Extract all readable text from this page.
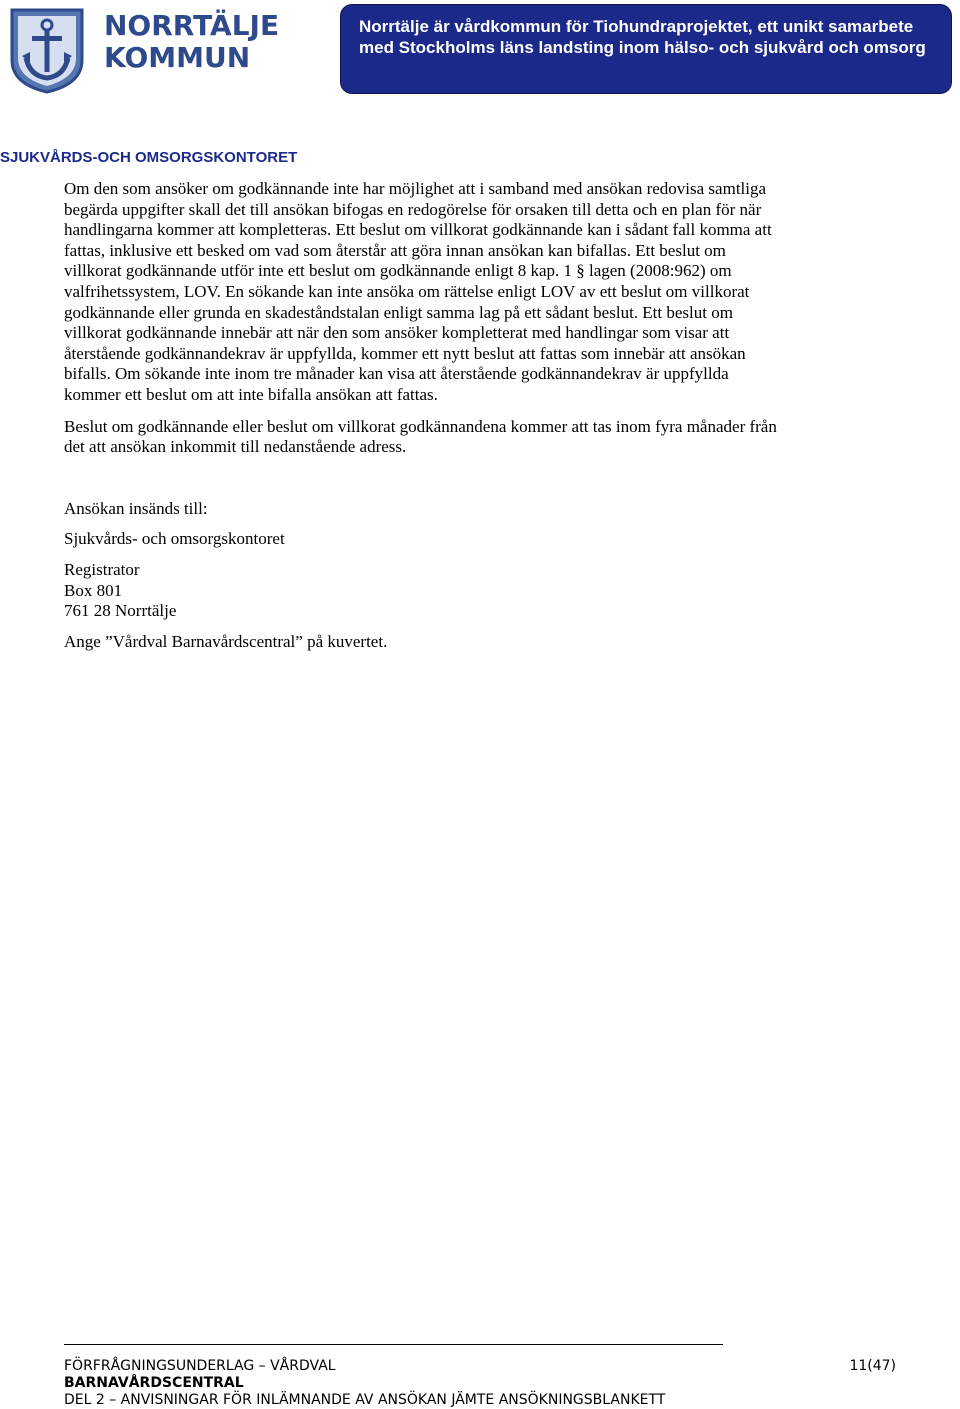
NORRTÄLJE
KOMMUN

Norrtälje är vårdkommun för Tiohundraprojektet, ett unikt samarbete med Stockholms läns landsting inom hälso- och sjukvård och omsorg

SJUKVÅRDS-OCH OMSORGSKONTORET

Om den som ansöker om godkännande inte har möjlighet att i samband med ansökan redovisa samtliga begärda uppgifter skall det till ansökan bifogas en redogörelse för orsaken till detta och en plan för när handlingarna kommer att kompletteras. Ett beslut om villkorat godkännande kan i sådant fall komma att fattas, inklusive ett besked om vad som återstår att göra innan ansökan kan bifallas. Ett beslut om villkorat godkännande utför inte ett beslut om godkännande enligt 8 kap. 1 § lagen (2008:962) om valfrihetssystem, LOV. En sökande kan inte ansöka om rättelse enligt LOV av ett beslut om villkorat godkännande eller grunda en skadeståndstalan enligt samma lag på ett sådant beslut. Ett beslut om villkorat godkännande innebär att när den som ansöker kompletterat med handlingar som visar att återstående godkännandekrav är uppfyllda, kommer ett nytt beslut att fattas som innebär att ansökan bifalls. Om sökande inte inom tre månader kan visa att återstående godkännandekrav är uppfyllda kommer ett beslut om att inte bifalla ansökan att fattas.

Beslut om godkännande eller beslut om villkorat godkännandena kommer att tas inom fyra månader från det att ansökan inkommit till nedanstående adress.

Ansökan insänds till:

Sjukvårds- och omsorgskontoret

Registrator
Box 801
761 28 Norrtälje

Ange ”Vårdval Barnavårdscentral” på kuvertet.

FÖRFRÅGNINGSUNDERLAG – VÅRDVAL	11(47)
BARNAVÅRDSCENTRAL
DEL 2 – ANVISNINGAR FÖR INLÄMNANDE AV ANSÖKAN JÄMTE ANSÖKNINGSBLANKETT
